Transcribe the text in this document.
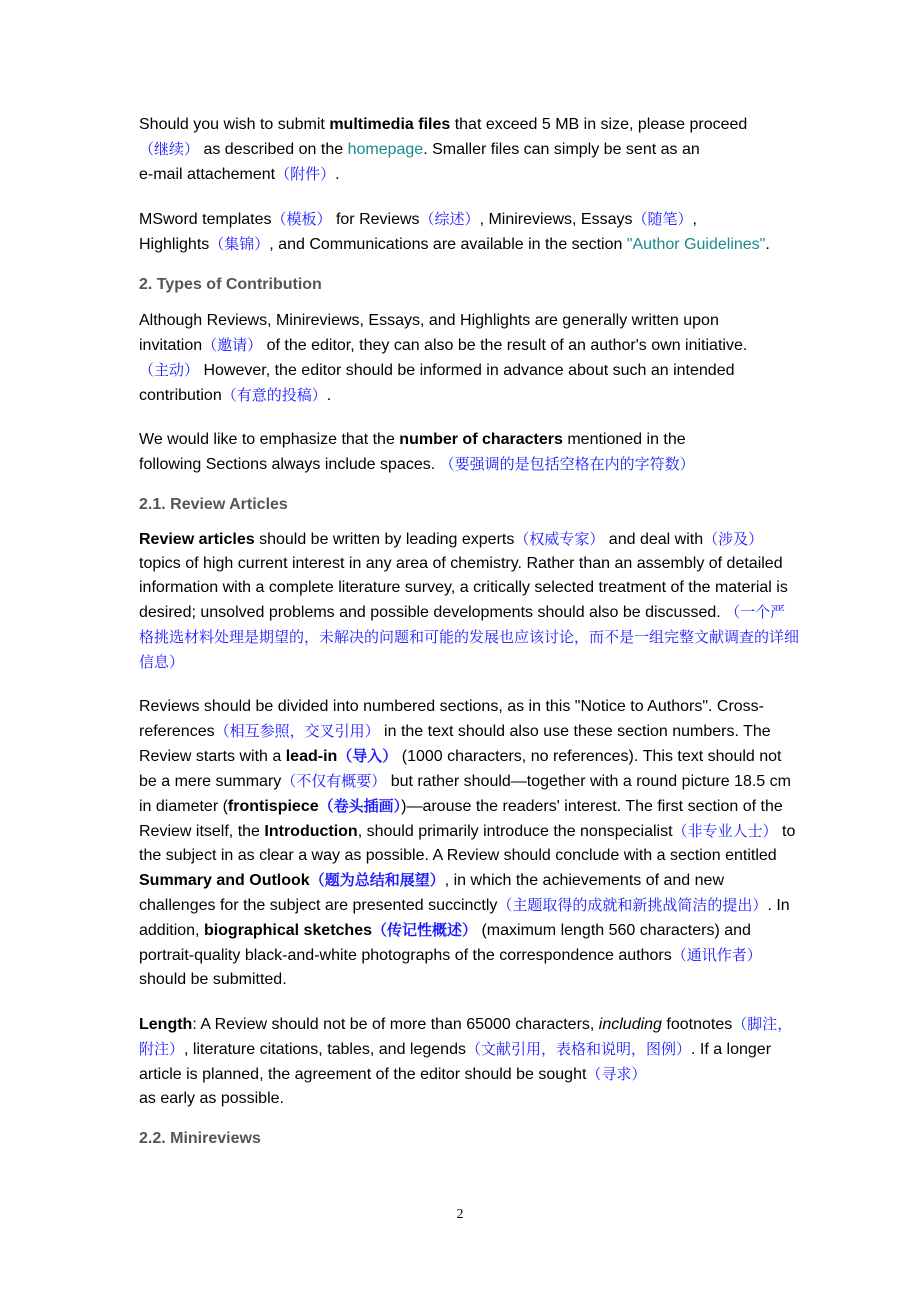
Should you wish to submit multimedia files that exceed 5 MB in size, please proceed
（继续） as described on the homepage. Smaller files can simply be sent as an
e-mail attachement（附件）.

MSword templates（模板） for Reviews（综述）, Minireviews, Essays（随笔）,
Highlights（集锦）, and Communications are available in the section "Author Guidelines".

2. Types of Contribution

Although Reviews, Minireviews, Essays, and Highlights are generally written upon
invitation（邀请） of the editor, they can also be the result of an author's own initiative.
（主动） However, the editor should be informed in advance about such an intended
contribution（有意的投稿）.

We would like to emphasize that the number of characters mentioned in the
following Sections always include spaces. （要强调的是包括空格在内的字符数）

2.1. Review Articles

Review articles should be written by leading experts（权威专家） and deal with（涉及） topics of high current interest in any area of chemistry. Rather than an assembly of detailed information with a complete literature survey, a critically selected treatment of the material is desired; unsolved problems and possible developments should also be discussed. （一个严格挑选材料处理是期望的，未解决的问题和可能的发展也应该讨论，而不是一组完整文献调查的详细信息）

Reviews should be divided into numbered sections, as in this "Notice to Authors". Cross-references（相互参照，交叉引用） in the text should also use these section numbers. The Review starts with a lead-in（导入） (1000 characters, no references). This text should not be a mere summary（不仅有概要） but rather should—together with a round picture 18.5 cm in diameter (frontispiece（卷头插画）)—arouse the readers' interest. The first section of the Review itself, the Introduction, should primarily introduce the nonspecialist（非专业人士） to the subject in as clear a way as possible. A Review should conclude with a section entitled Summary and Outlook（题为总结和展望）, in which the achievements of and new challenges for the subject are presented succinctly（主题取得的成就和新挑战简洁的提出）. In addition, biographical sketches（传记性概述） (maximum length 560 characters) and portrait-quality black-and-white photographs of the correspondence authors（通讯作者）should be submitted.

Length: A Review should not be of more than 65000 characters, including footnotes（脚注，附注）, literature citations, tables, and legends（文献引用，表格和说明，图例）. If a longer article is planned, the agreement of the editor should be sought（寻求）
as early as possible.

2.2. Minireviews

2
